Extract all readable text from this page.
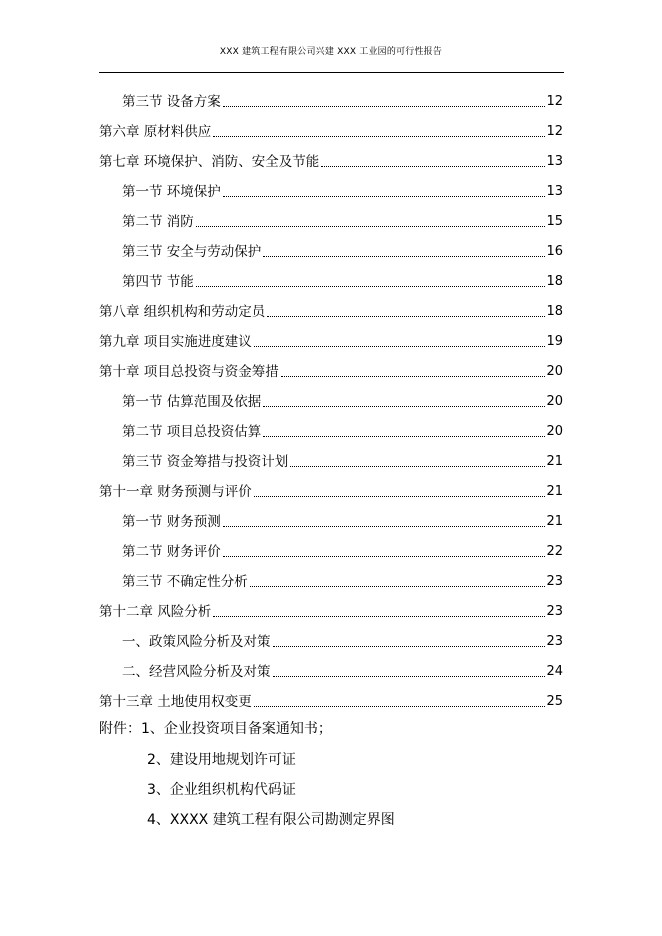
XXX 建筑工程有限公司兴建 XXX 工业园的可行性报告
第三节 设备方案	12
第六章 原材料供应	12
第七章 环境保护、消防、安全及节能	13
第一节 环境保护	13
第二节 消防	15
第三节 安全与劳动保护	16
第四节 节能	18
第八章 组织机构和劳动定员	18
第九章 项目实施进度建议	19
第十章 项目总投资与资金筹措	20
第一节 估算范围及依据	20
第二节 项目总投资估算	20
第三节 资金筹措与投资计划	21
第十一章 财务预测与评价	21
第一节 财务预测	21
第二节 财务评价	22
第三节 不确定性分析	23
第十二章 风险分析	23
一、政策风险分析及对策	23
二、经营风险分析及对策	24
第十三章 土地使用权变更	25
附件：1、企业投资项目备案通知书；
2、建设用地规划许可证
3、企业组织机构代码证
4、XXXX 建筑工程有限公司勘测定界图
